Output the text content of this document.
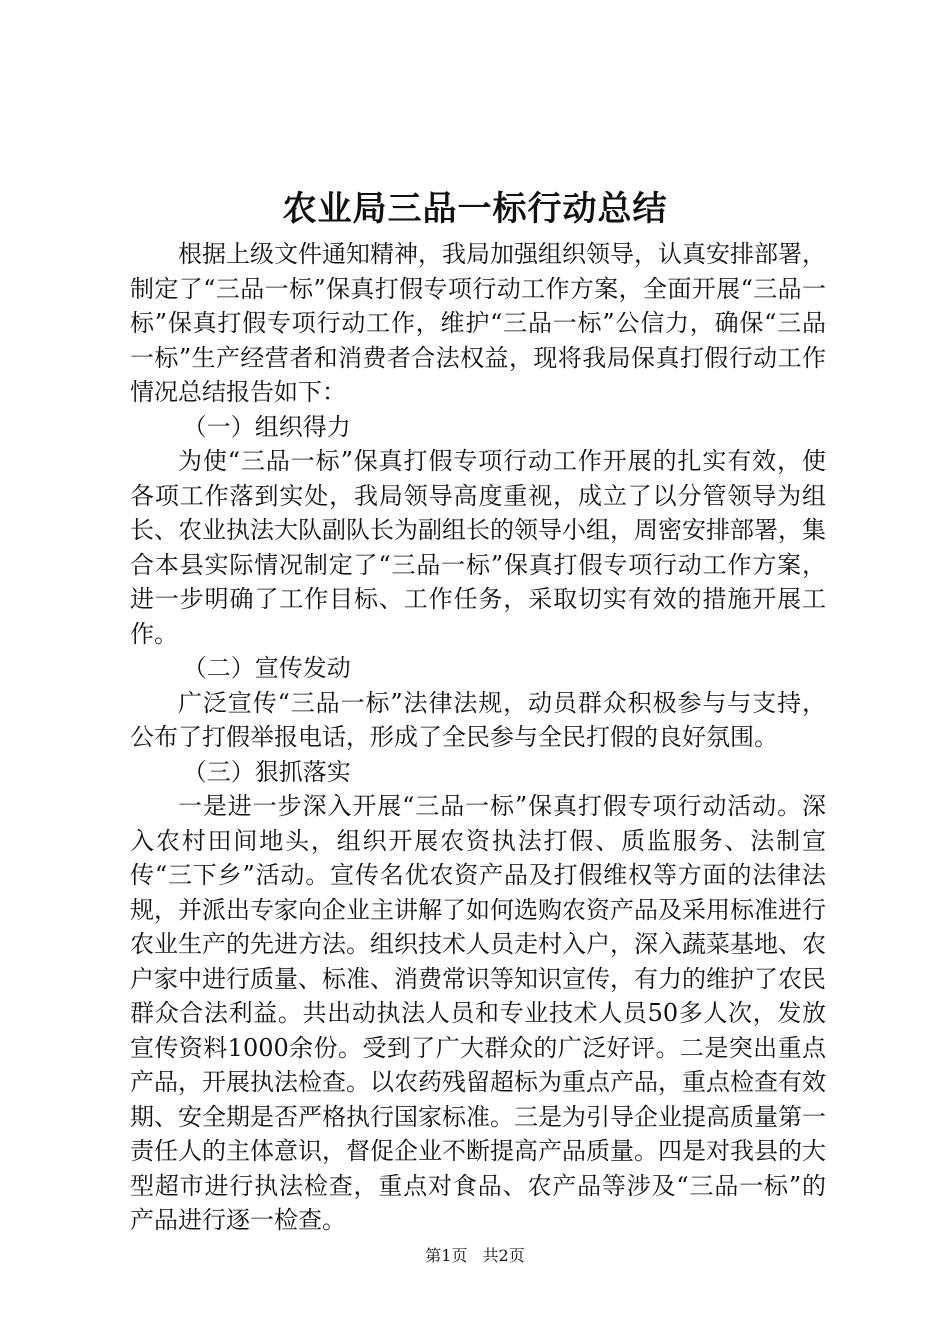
农业局三品一标行动总结

根据上级文件通知精神，我局加强组织领导，认真安排部署，制定了“三品一标”保真打假专项行动工作方案，全面开展“三品一标”保真打假专项行动工作，维护“三品一标”公信力，确保“三品一标”生产经营者和消费者合法权益，现将我局保真打假行动工作情况总结报告如下：

（一）组织得力

为使“三品一标”保真打假专项行动工作开展的扎实有效，使各项工作落到实处，我局领导高度重视，成立了以分管领导为组长、农业执法大队副队长为副组长的领导小组，周密安排部署，集合本县实际情况制定了“三品一标”保真打假专项行动工作方案，进一步明确了工作目标、工作任务，采取切实有效的措施开展工作。

（二）宣传发动

广泛宣传“三品一标”法律法规，动员群众积极参与与支持，公布了打假举报电话，形成了全民参与全民打假的良好氛围。

（三）狠抓落实

一是进一步深入开展“三品一标”保真打假专项行动活动。深入农村田间地头，组织开展农资执法打假、质监服务、法制宣传“三下乡”活动。宣传名优农资产品及打假维权等方面的法律法规，并派出专家向企业主讲解了如何选购农资产品及采用标准进行农业生产的先进方法。组织技术人员走村入户，深入蔬菜基地、农户家中进行质量、标准、消费常识等知识宣传，有力的维护了农民群众合法利益。共出动执法人员和专业技术人员50多人次，发放宣传资料1000余份。受到了广大群众的广泛好评。二是突出重点产品，开展执法检查。以农药残留超标为重点产品，重点检查有效期、安全期是否严格执行国家标准。三是为引导企业提高质量第一责任人的主体意识，督促企业不断提高产品质量。四是对我县的大型超市进行执法检查，重点对食品、农产品等涉及“三品一标”的产品进行逐一检查。

第1页 共2页
